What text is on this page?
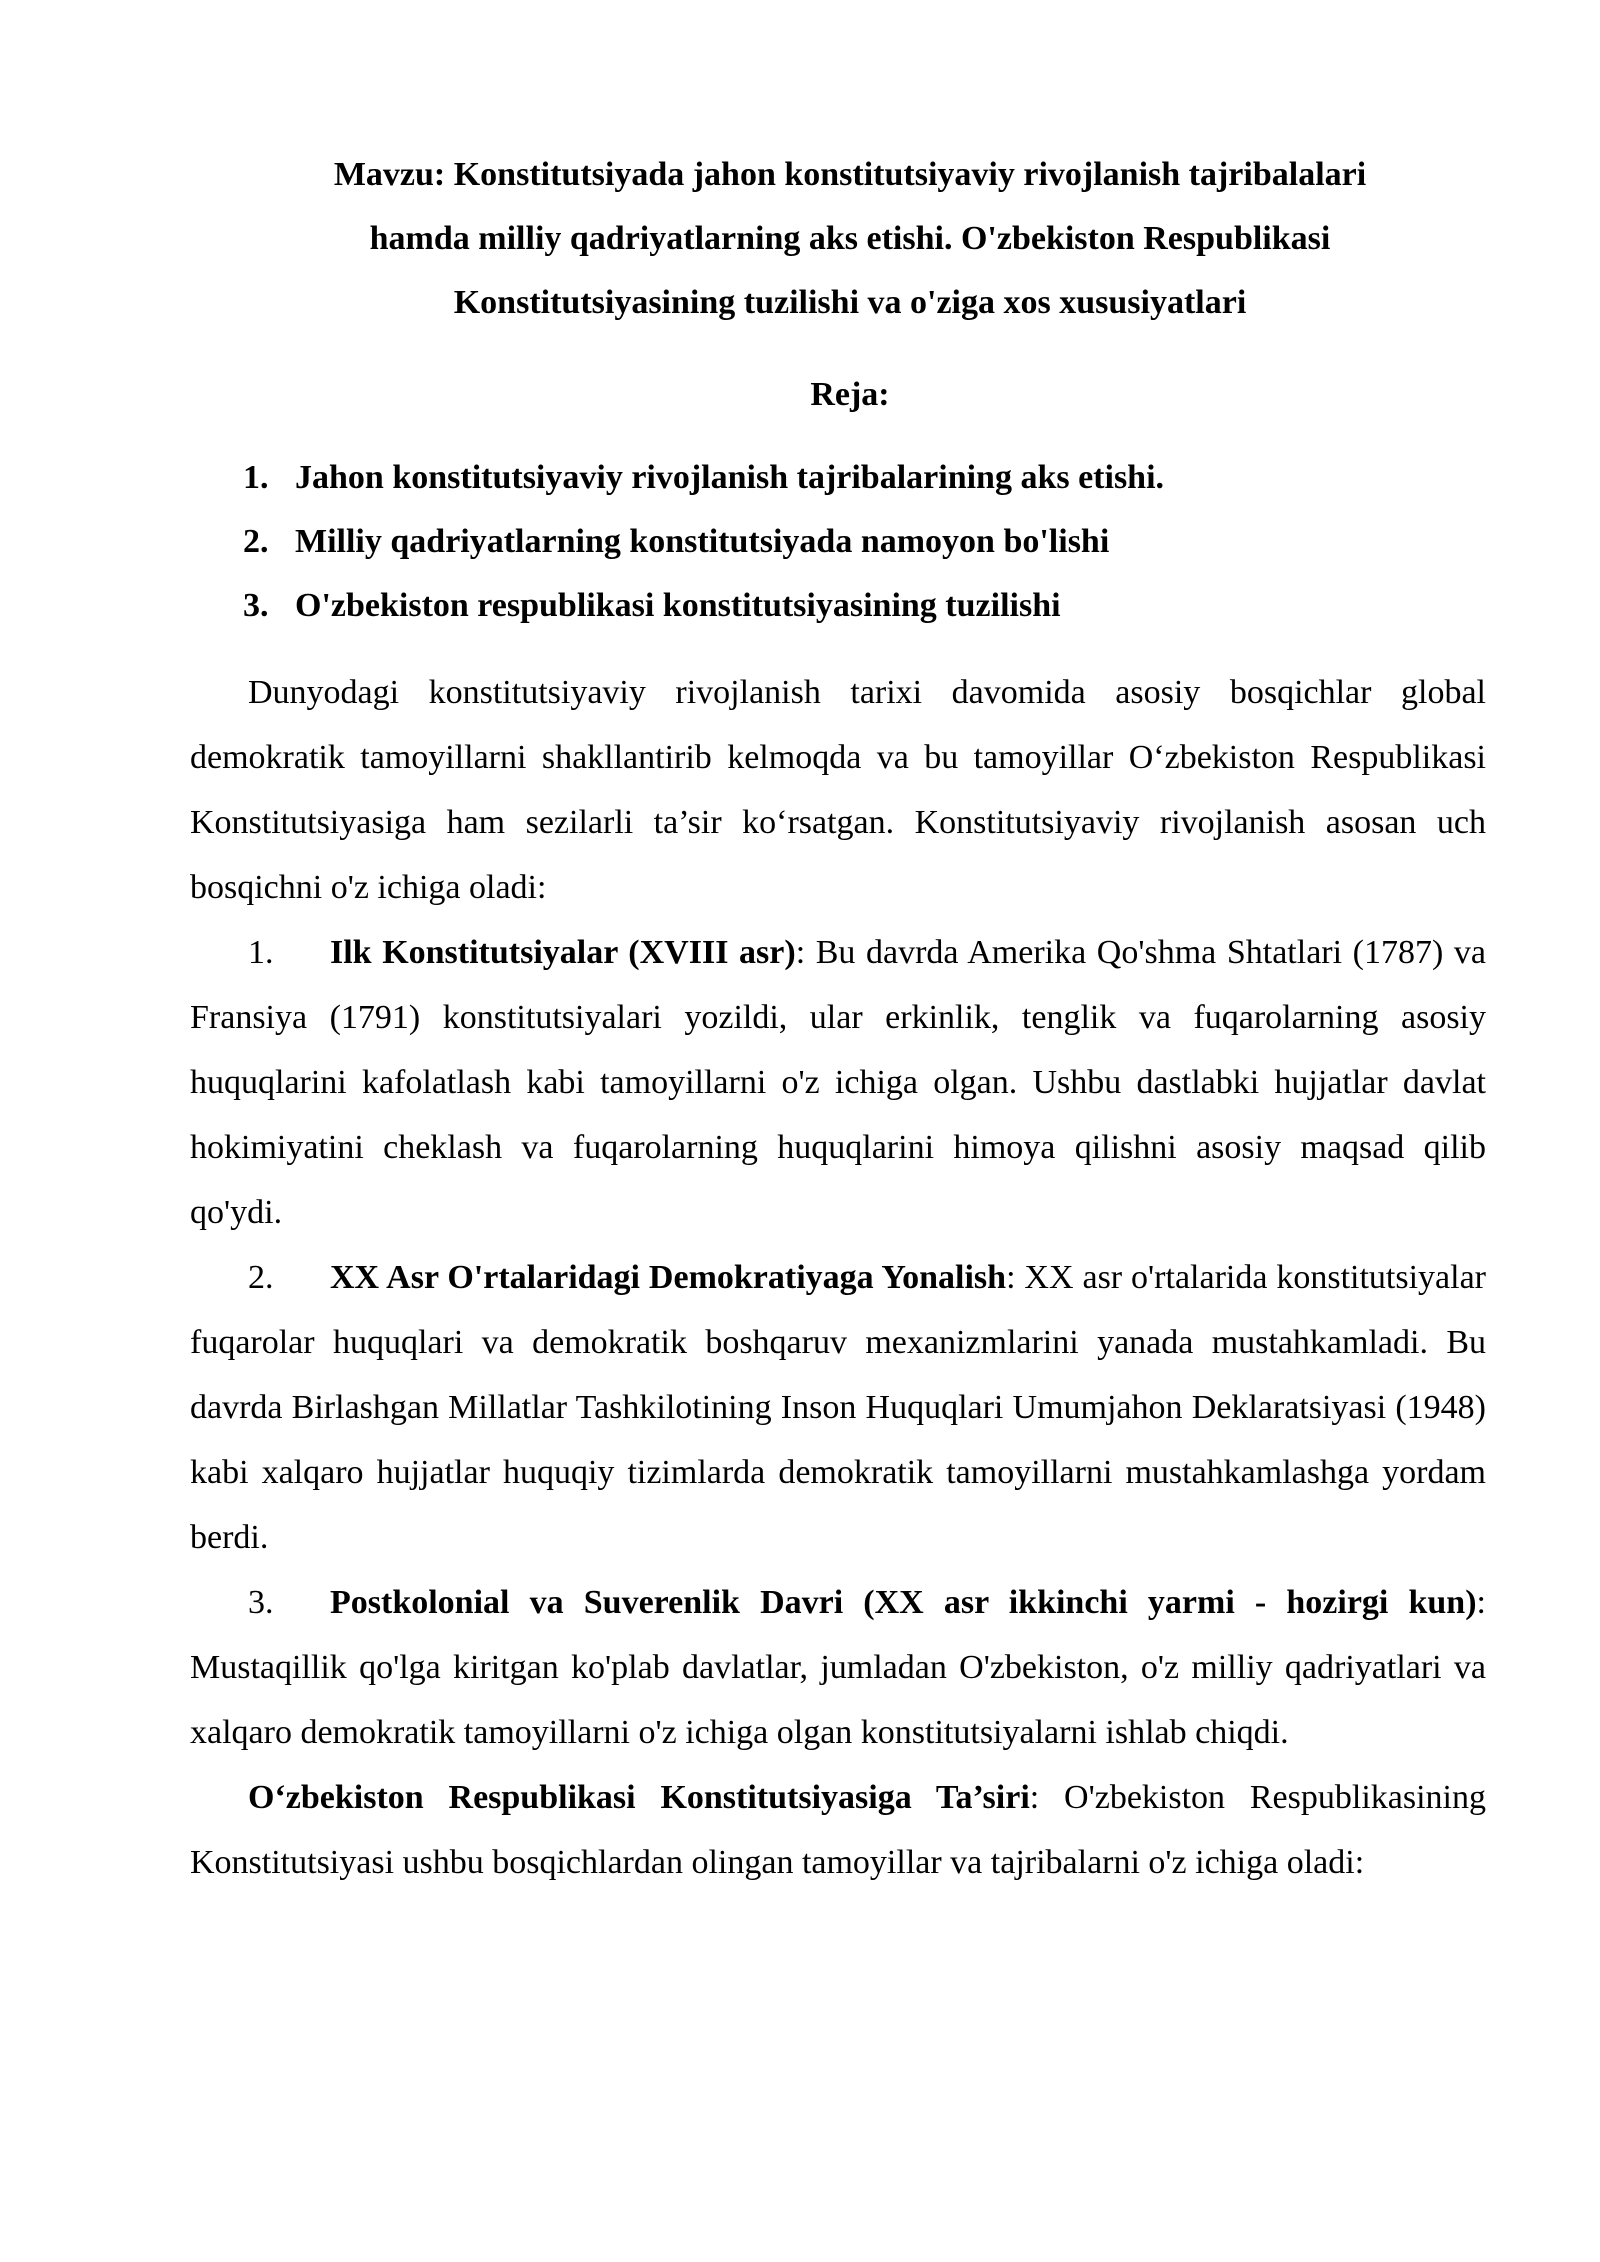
Mavzu: Konstitutsiyada jahon konstitutsiyaviy rivojlanish tajribalalari
hamda milliy qadriyatlarning aks etishi. O'zbekiston Respublikasi
Konstitutsiyasining tuzilishi va o'ziga xos xususiyatlari
Reja:
1. Jahon konstitutsiyaviy rivojlanish tajribalarining aks etishi.
2. Milliy qadriyatlarning konstitutsiyada namoyon bo'lishi
3. O'zbekiston respublikasi konstitutsiyasining tuzilishi

Dunyodagi konstitutsiyaviy rivojlanish tarixi davomida asosiy bosqichlar global demokratik tamoyillarni shakllantirib kelmoqda va bu tamoyillar O‘zbekiston Respublikasi Konstitutsiyasiga ham sezilarli ta’sir ko‘rsatgan. Konstitutsiyaviy rivojlanish asosan uch bosqichni o'z ichiga oladi:

1. Ilk Konstitutsiyalar (XVIII asr): Bu davrda Amerika Qo'shma Shtatlari (1787) va Fransiya (1791) konstitutsiyalari yozildi, ular erkinlik, tenglik va fuqarolarning asosiy huquqlarini kafolatlash kabi tamoyillarni o'z ichiga olgan. Ushbu dastlabki hujjatlar davlat hokimiyatini cheklash va fuqarolarning huquqlarini himoya qilishni asosiy maqsad qilib qo'ydi.

2. XX Asr O'rtalaridagi Demokratiyaga Yonalish: XX asr o'rtalarida konstitutsiyalar fuqarolar huquqlari va demokratik boshqaruv mexanizmlarini yanada mustahkamladi. Bu davrda Birlashgan Millatlar Tashkilotining Inson Huquqlari Umumjahon Deklaratsiyasi (1948) kabi xalqaro hujjatlar huquqiy tizimlarda demokratik tamoyillarni mustahkamlashga yordam berdi.

3. Postkolonial va Suverenlik Davri (XX asr ikkinchi yarmi - hozirgi kun): Mustaqillik qo'lga kiritgan ko'plab davlatlar, jumladan O'zbekiston, o'z milliy qadriyatlari va xalqaro demokratik tamoyillarni o'z ichiga olgan konstitutsiyalarni ishlab chiqdi.

O‘zbekiston Respublikasi Konstitutsiyasiga Ta’siri: O'zbekiston Respublikasining Konstitutsiyasi ushbu bosqichlardan olingan tamoyillar va tajribalarni o'z ichiga oladi:
